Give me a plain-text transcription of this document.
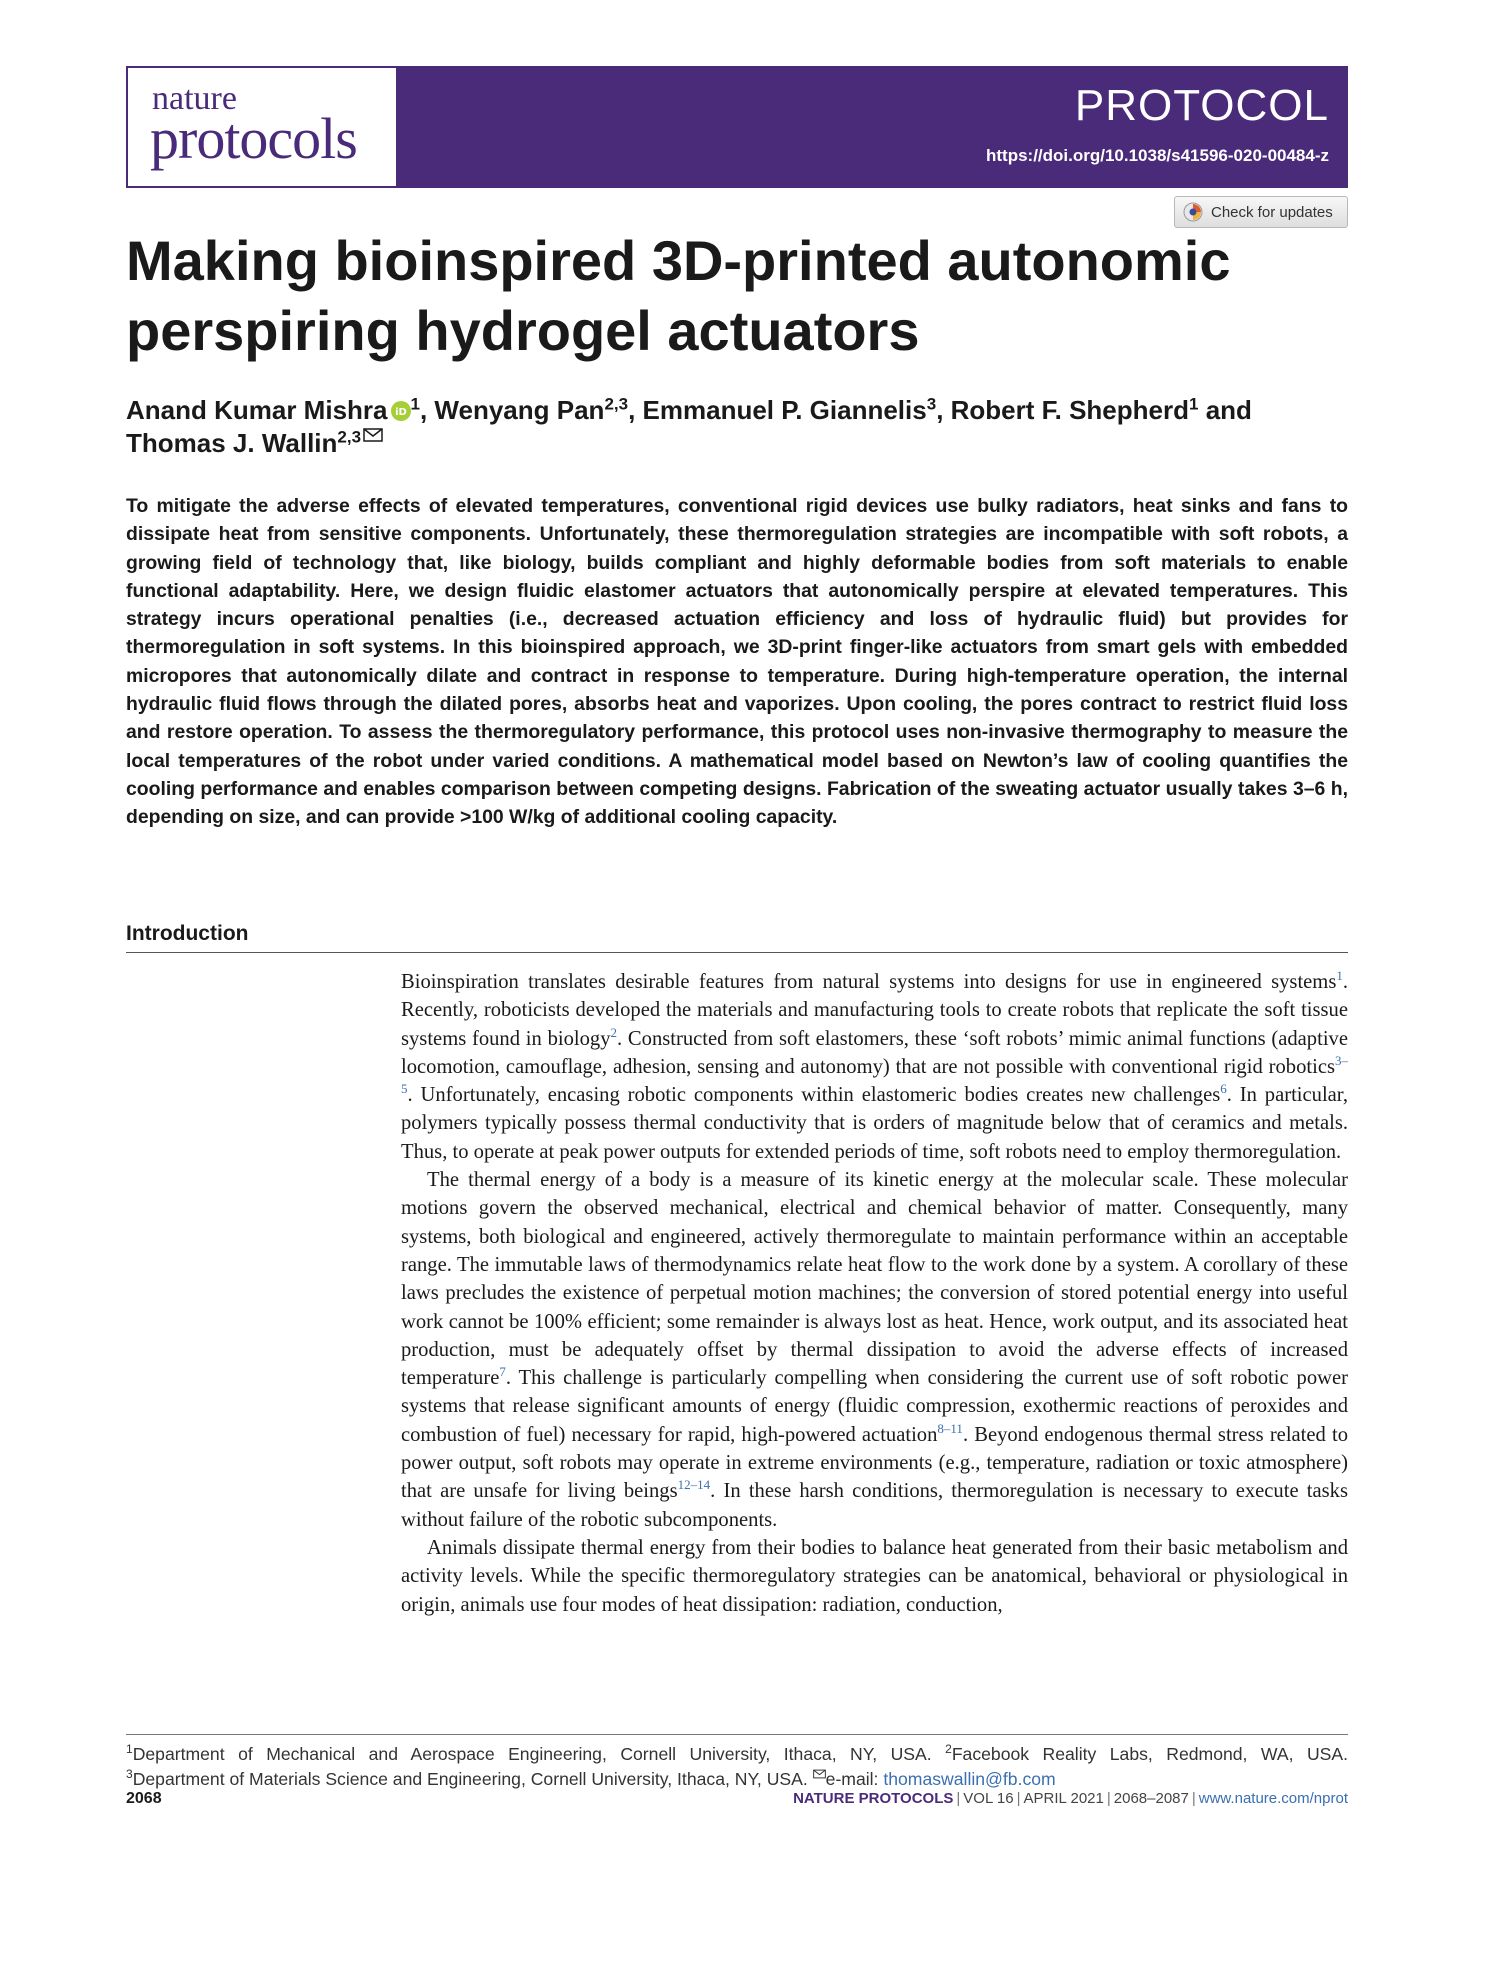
nature
protocols
PROTOCOL
https://doi.org/10.1038/s41596-020-00484-z
Check for updates
Making bioinspired 3D-printed autonomic perspiring hydrogel actuators
Anand Kumar Mishra iD $^1$, Wenyang Pan$^{2,3}$, Emmanuel P. Giannelis$^3$, Robert F. Shepherd$^1$ and Thomas J. Wallin$^{2,3}$

To mitigate the adverse effects of elevated temperatures, conventional rigid devices use bulky radiators, heat sinks and fans to dissipate heat from sensitive components. Unfortunately, these thermoregulation strategies are incompatible with soft robots, a growing field of technology that, like biology, builds compliant and highly deformable bodies from soft materials to enable functional adaptability. Here, we design fluidic elastomer actuators that autonomically perspire at elevated temperatures. This strategy incurs operational penalties (i.e., decreased actuation efficiency and loss of hydraulic fluid) but provides for thermoregulation in soft systems. In this bioinspired approach, we 3D-print finger-like actuators from smart gels with embedded micropores that autonomically dilate and contract in response to temperature. During high-temperature operation, the internal hydraulic fluid flows through the dilated pores, absorbs heat and vaporizes. Upon cooling, the pores contract to restrict fluid loss and restore operation. To assess the thermoregulatory performance, this protocol uses non-invasive thermography to measure the local temperatures of the robot under varied conditions. A mathematical model based on Newton’s law of cooling quantifies the cooling performance and enables comparison between competing designs. Fabrication of the sweating actuator usually takes 3–6 h, depending on size, and can provide >100 W/kg of additional cooling capacity.

Introduction

Bioinspiration translates desirable features from natural systems into designs for use in engineered systems$^1$. Recently, roboticists developed the materials and manufacturing tools to create robots that replicate the soft tissue systems found in biology$^2$. Constructed from soft elastomers, these ‘soft robots’ mimic animal functions (adaptive locomotion, camouflage, adhesion, sensing and autonomy) that are not possible with conventional rigid robotics$^{3-5}$. Unfortunately, encasing robotic components within elastomeric bodies creates new challenges$^6$. In particular, polymers typically possess thermal conductivity that is orders of magnitude below that of ceramics and metals. Thus, to operate at peak power outputs for extended periods of time, soft robots need to employ thermoregulation.

The thermal energy of a body is a measure of its kinetic energy at the molecular scale. These molecular motions govern the observed mechanical, electrical and chemical behavior of matter. Consequently, many systems, both biological and engineered, actively thermoregulate to maintain performance within an acceptable range. The immutable laws of thermodynamics relate heat flow to the work done by a system. A corollary of these laws precludes the existence of perpetual motion machines; the conversion of stored potential energy into useful work cannot be 100% efficient; some remainder is always lost as heat. Hence, work output, and its associated heat production, must be adequately offset by thermal dissipation to avoid the adverse effects of increased temperature$^7$. This challenge is particularly compelling when considering the current use of soft robotic power systems that release significant amounts of energy (fluidic compression, exothermic reactions of peroxides and combustion of fuel) necessary for rapid, high-powered actuation$^{8-11}$. Beyond endogenous thermal stress related to power output, soft robots may operate in extreme environments (e.g., temperature, radiation or toxic atmosphere) that are unsafe for living beings$^{12-14}$. In these harsh conditions, thermoregulation is necessary to execute tasks without failure of the robotic subcomponents.

Animals dissipate thermal energy from their bodies to balance heat generated from their basic metabolism and activity levels. While the specific thermoregulatory strategies can be anatomical, behavioral or physiological in origin, animals use four modes of heat dissipation: radiation, conduction,

$^1$Department of Mechanical and Aerospace Engineering, Cornell University, Ithaca, NY, USA. $^2$Facebook Reality Labs, Redmond, WA, USA.
$^3$Department of Materials Science and Engineering, Cornell University, Ithaca, NY, USA. e-mail: thomaswallin@fb.com
2068	NATURE PROTOCOLS | VOL 16 | APRIL 2021 | 2068–2087 | www.nature.com/nprot
